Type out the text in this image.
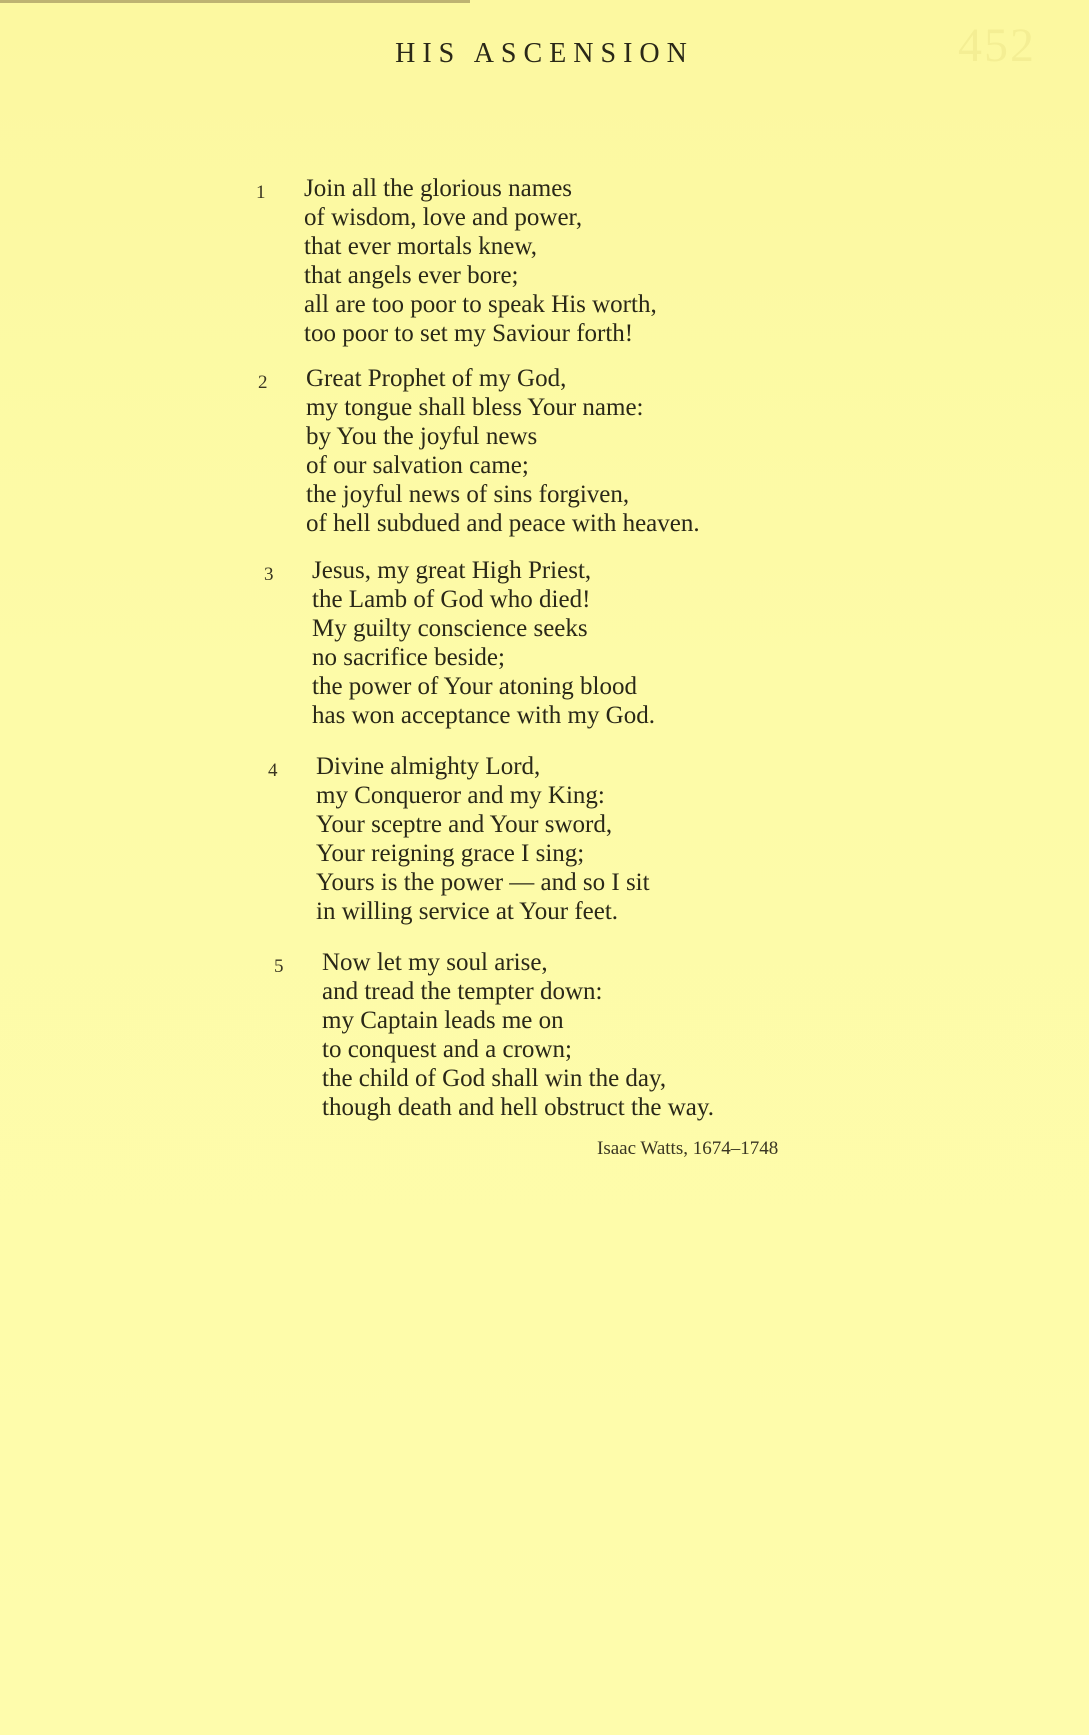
452
HIS ASCENSION
1 Join all the glorious names
of wisdom, love and power,
that ever mortals knew,
that angels ever bore;
all are too poor to speak His worth,
too poor to set my Saviour forth!
2 Great Prophet of my God,
my tongue shall bless Your name:
by You the joyful news
of our salvation came;
the joyful news of sins forgiven,
of hell subdued and peace with heaven.
3 Jesus, my great High Priest,
the Lamb of God who died!
My guilty conscience seeks
no sacrifice beside;
the power of Your atoning blood
has won acceptance with my God.
4 Divine almighty Lord,
my Conqueror and my King:
Your sceptre and Your sword,
Your reigning grace I sing;
Yours is the power — and so I sit
in willing service at Your feet.
5 Now let my soul arise,
and tread the tempter down:
my Captain leads me on
to conquest and a crown;
the child of God shall win the day,
though death and hell obstruct the way.
Isaac Watts, 1674–1748
